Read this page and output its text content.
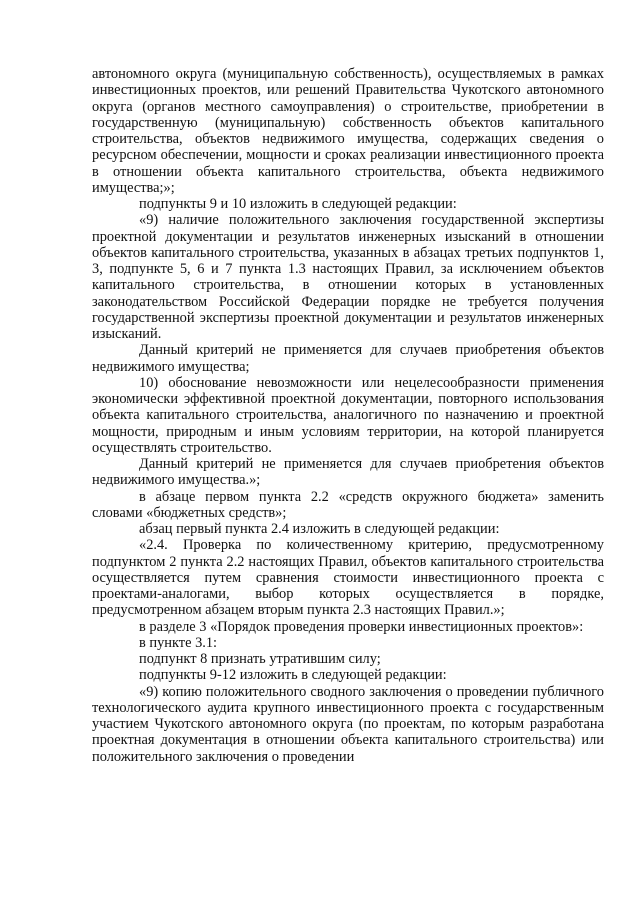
автономного округа (муниципальную собственность), осуществляемых в рамках инвестиционных проектов, или решений Правительства Чукотского автономного округа (органов местного самоуправления) о строительстве, приобретении в государственную (муниципальную) собственность объектов капитального строительства, объектов недвижимого имущества, содержащих сведения о ресурсном обеспечении, мощности и сроках реализации инвестиционного проекта в отношении объекта капитального строительства, объекта недвижимого имущества;»;

подпункты 9 и 10 изложить в следующей редакции:

«9) наличие положительного заключения государственной экспертизы проектной документации и результатов инженерных изысканий в отношении объектов капитального строительства, указанных в абзацах третьих подпунктов 1, 3, подпункте 5, 6 и 7 пункта 1.3 настоящих Правил, за исключением объектов капитального строительства, в отношении которых в установленных законодательством Российской Федерации порядке не требуется получения государственной экспертизы проектной документации и результатов инженерных изысканий.

Данный критерий не применяется для случаев приобретения объектов недвижимого имущества;

10) обоснование невозможности или нецелесообразности применения экономически эффективной проектной документации, повторного использования объекта капитального строительства, аналогичного по назначению и проектной мощности, природным и иным условиям территории, на которой планируется осуществлять строительство.

Данный критерий не применяется для случаев приобретения объектов недвижимого имущества.»;

в абзаце первом пункта 2.2 «средств окружного бюджета» заменить словами «бюджетных средств»;

абзац первый пункта 2.4 изложить в следующей редакции:

«2.4. Проверка по количественному критерию, предусмотренному подпунктом 2 пункта 2.2 настоящих Правил, объектов капитального строительства осуществляется путем сравнения стоимости инвестиционного проекта с проектами-аналогами, выбор которых осуществляется в порядке, предусмотренном абзацем вторым пункта 2.3 настоящих Правил.»;

в разделе 3 «Порядок проведения проверки инвестиционных проектов»:

в пункте 3.1:

подпункт 8 признать утратившим силу;

подпункты 9-12 изложить в следующей редакции:

«9) копию положительного сводного заключения о проведении публичного технологического аудита крупного инвестиционного проекта с государственным участием Чукотского автономного округа (по проектам, по которым разработана проектная документация в отношении объекта капитального строительства) или положительного заключения о проведении
